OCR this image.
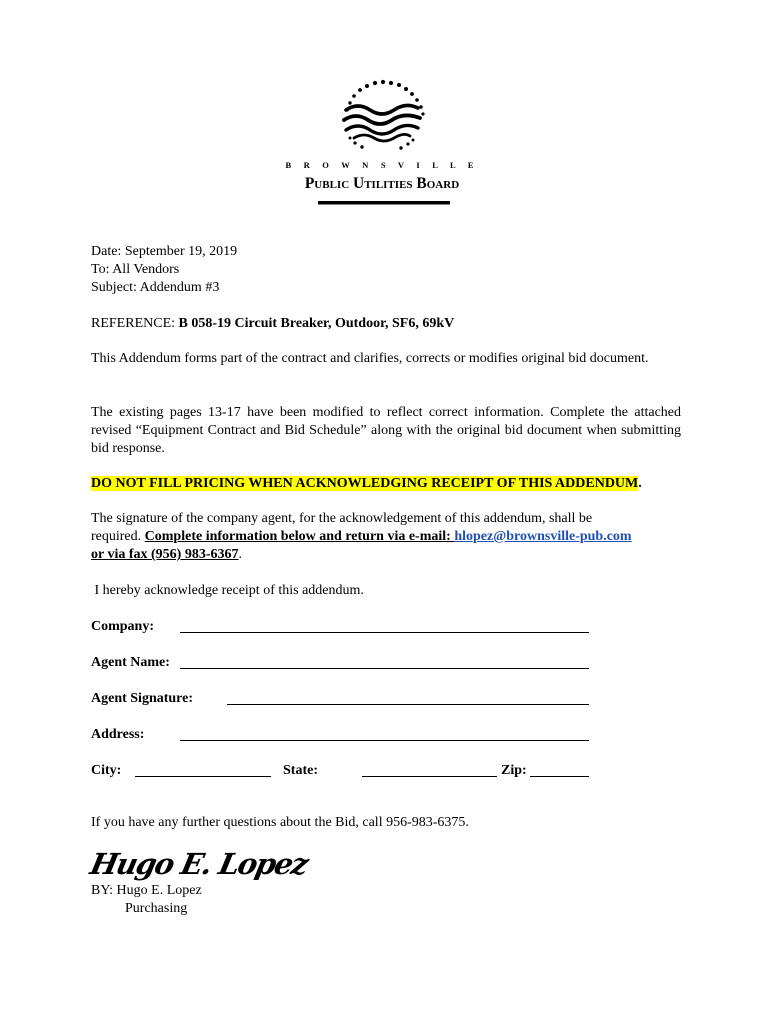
B R O W N S V I L L E
Public Utilities Board
Date: September 19, 2019
To: All Vendors
Subject: Addendum #3
REFERENCE: B 058-19 Circuit Breaker, Outdoor, SF6, 69kV
This Addendum forms part of the contract and clarifies, corrects or modifies original bid document.
The existing pages 13-17 have been modified to reflect correct information. Complete the attached revised “Equipment Contract and Bid Schedule” along with the original bid document when submitting bid response.
DO NOT FILL PRICING WHEN ACKNOWLEDGING RECEIPT OF THIS ADDENDUM.
The signature of the company agent, for the acknowledgement of this addendum, shall be
required. Complete information below and return via e-mail: hlopez@brownsville-pub.com
or via fax (956) 983-6367.
I hereby acknowledge receipt of this addendum.
Company:
Agent Name:
Agent Signature:
Address:
City:	State:	Zip:
If you have any further questions about the Bid, call 956-983-6375.
Hugo E. Lopez
BY: Hugo E. Lopez
Purchasing
